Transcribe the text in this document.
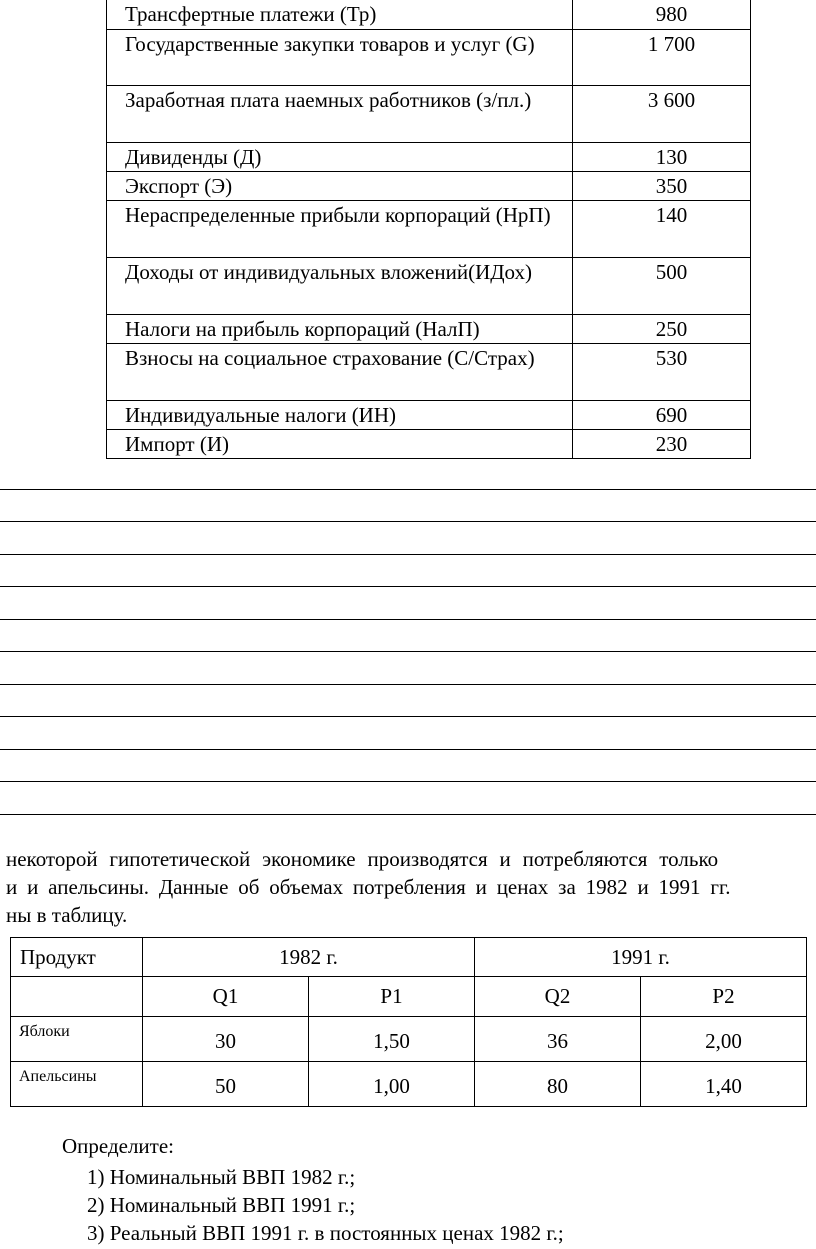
Трансфертные платежи (Тр)	980
Государственные закупки товаров и услуг (G)	1 700
Заработная плата наемных работников (з/пл.)	3 600
Дивиденды (Д)	130
Экспорт (Э)	350
Нераспределенные прибыли корпораций (НрП)	140
Доходы от индивидуальных вложений(ИДох)	500
Налоги на прибыль корпораций (НалП)	250
Взносы на социальное страхование (С/Страх)	530
Индивидуальные налоги (ИН)	690
Импорт (И)	230
некоторой гипотетической экономике производятся и потребляются только
и и апельсины. Данные об объемах потребления и ценах за 1982 и 1991 гг.
ны в таблицу.
Продукт	1982 г.		1991 г.	
	Q1	P1	Q2	P2
Яблоки	30	1,50	36	2,00
Апельсины	50	1,00	80	1,40
Определите:
1) Номинальный ВВП 1982 г.;
2) Номинальный ВВП 1991 г.;
3) Реальный ВВП 1991 г. в постоянных ценах 1982 г.;
